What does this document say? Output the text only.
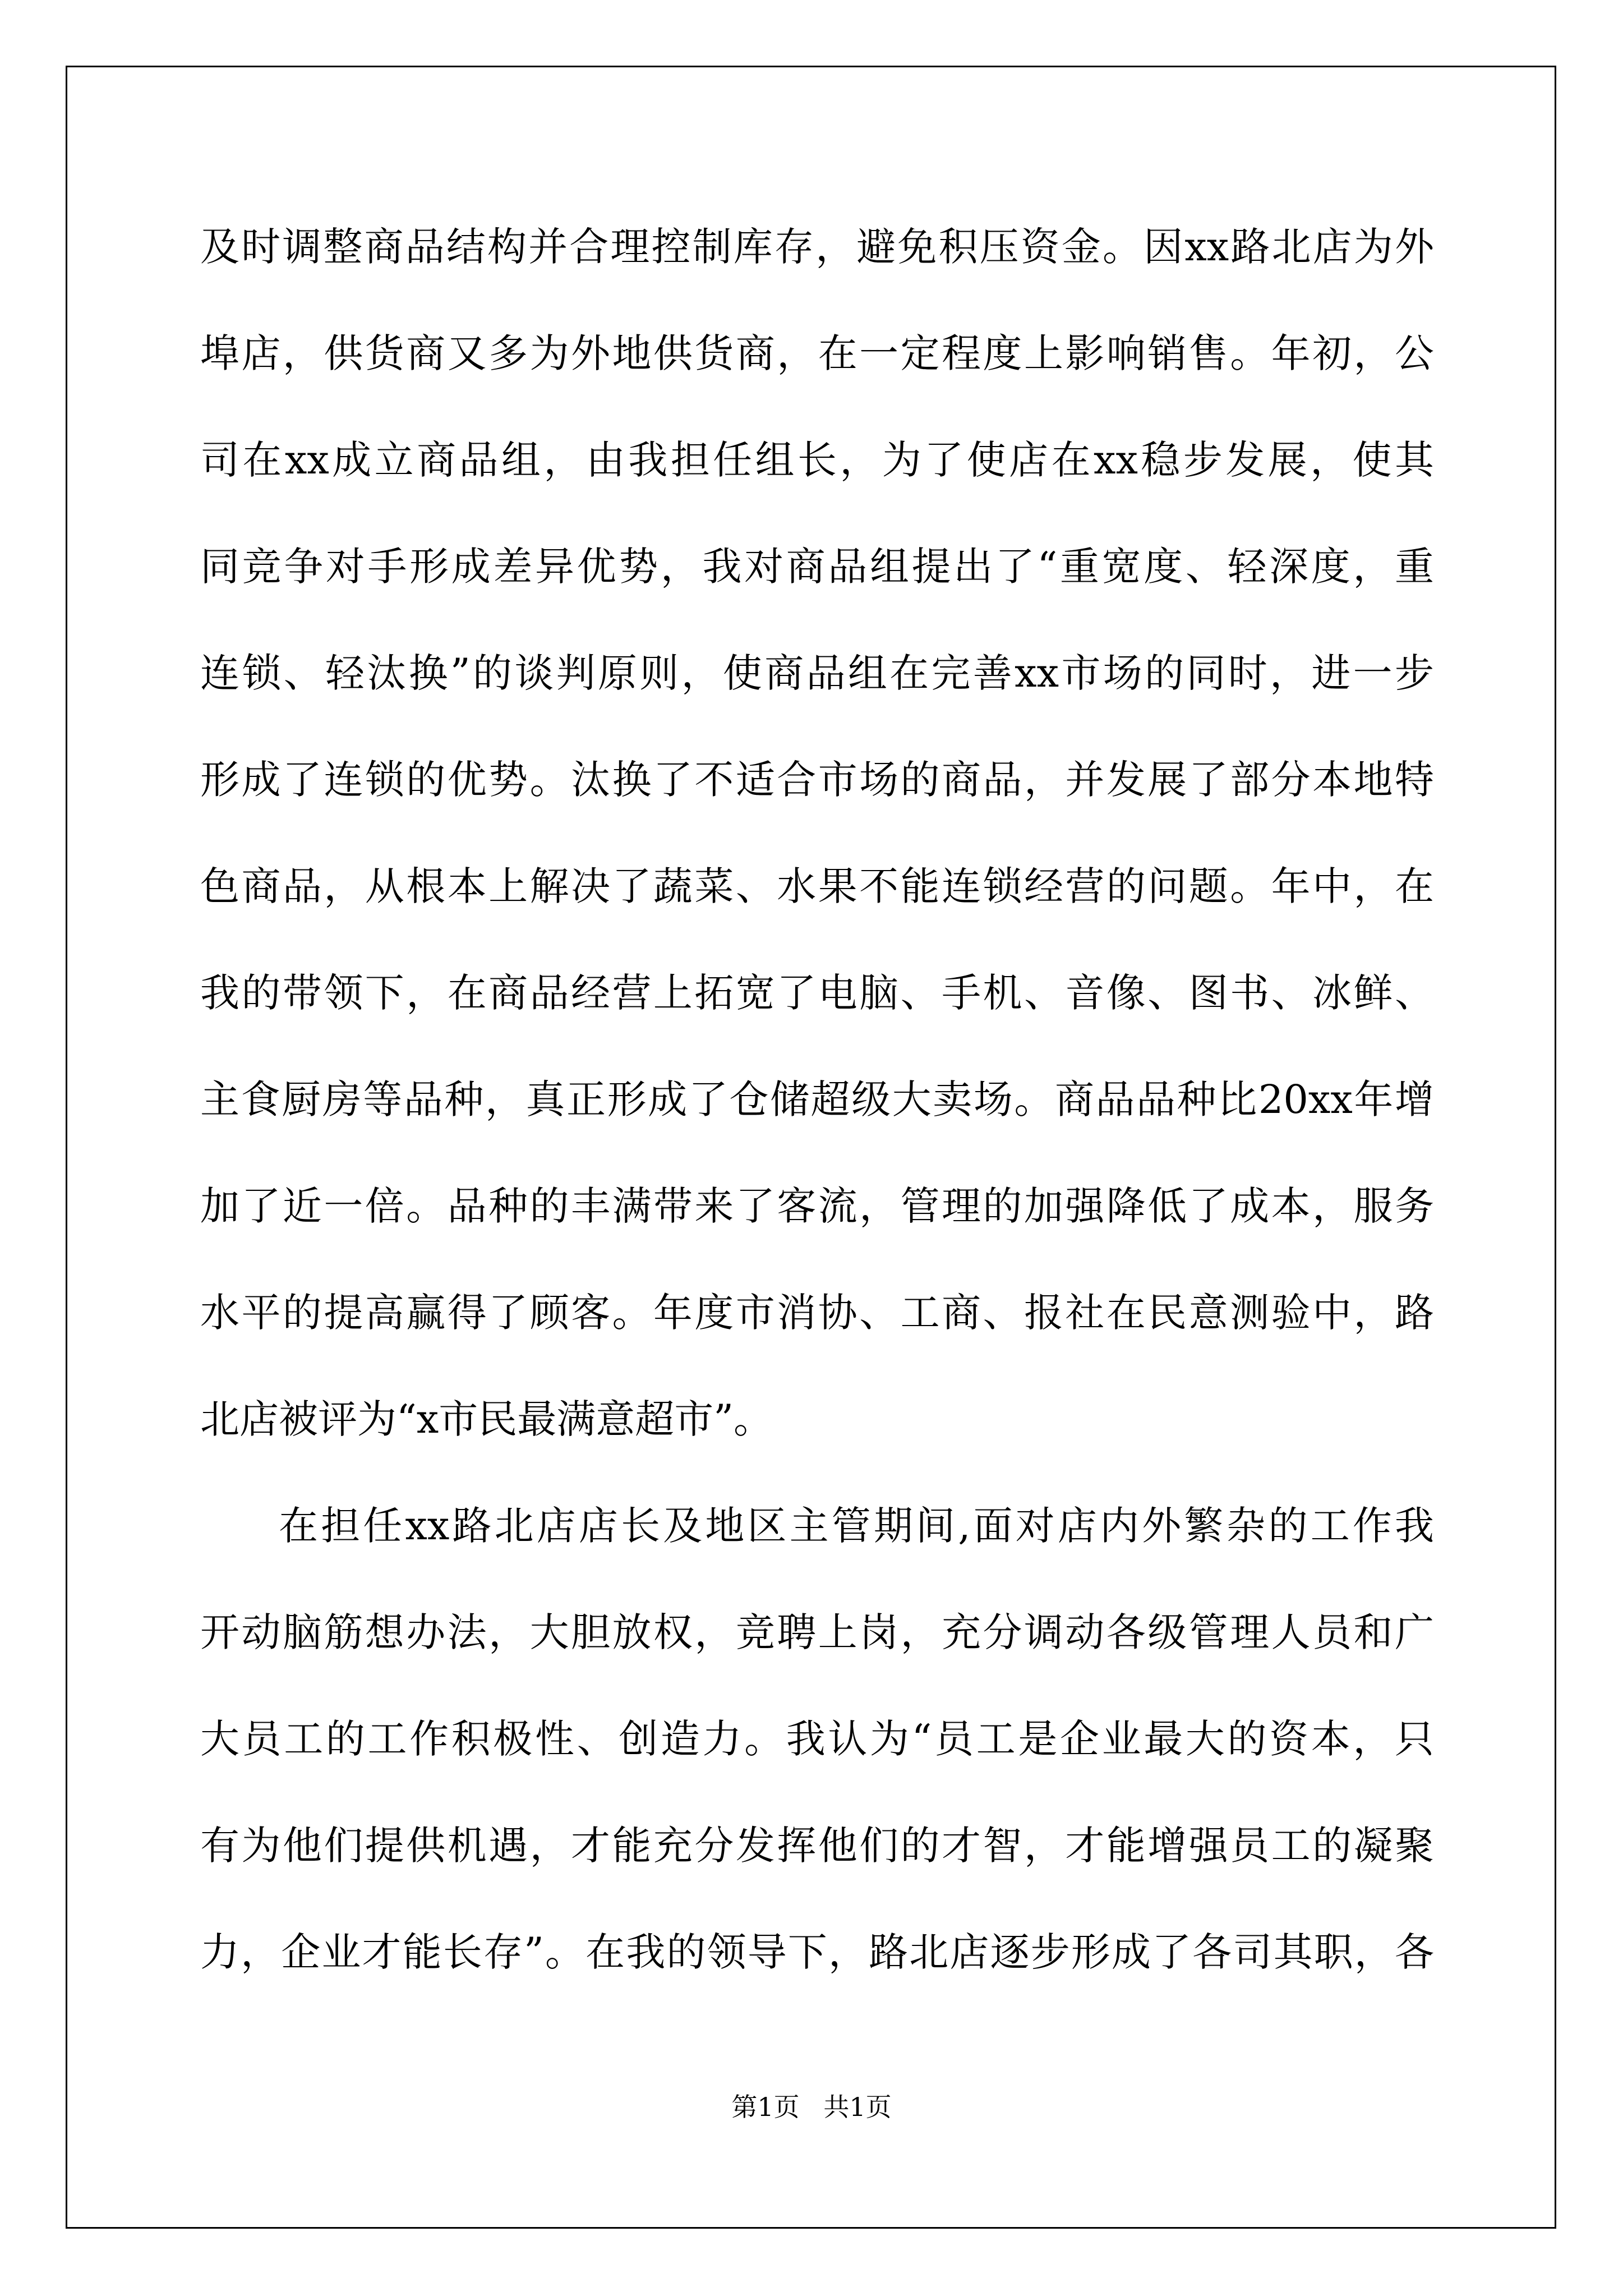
及时调整商品结构并合理控制库存，避免积压资金。因xx路北店为外
埠店，供货商又多为外地供货商，在一定程度上影响销售。年初，公
司在xx成立商品组，由我担任组长，为了使店在xx稳步发展，使其
同竞争对手形成差异优势，我对商品组提出了“重宽度、轻深度，重
连锁、轻汰换”的谈判原则，使商品组在完善xx市场的同时，进一步
形成了连锁的优势。汰换了不适合市场的商品，并发展了部分本地特
色商品，从根本上解决了蔬菜、水果不能连锁经营的问题。年中，在
我的带领下，在商品经营上拓宽了电脑、手机、音像、图书、冰鲜、
主食厨房等品种，真正形成了仓储超级大卖场。商品品种比20xx年增
加了近一倍。品种的丰满带来了客流，管理的加强降低了成本，服务
水平的提高赢得了顾客。年度市消协、工商、报社在民意测验中，路
北店被评为“x市民最满意超市”。
在担任xx路北店店长及地区主管期间,面对店内外繁杂的工作我
开动脑筋想办法，大胆放权，竞聘上岗，充分调动各级管理人员和广
大员工的工作积极性、创造力。我认为“员工是企业最大的资本，只
有为他们提供机遇，才能充分发挥他们的才智，才能增强员工的凝聚
力，企业才能长存”。在我的领导下，路北店逐步形成了各司其职，各
第1页 共1页
